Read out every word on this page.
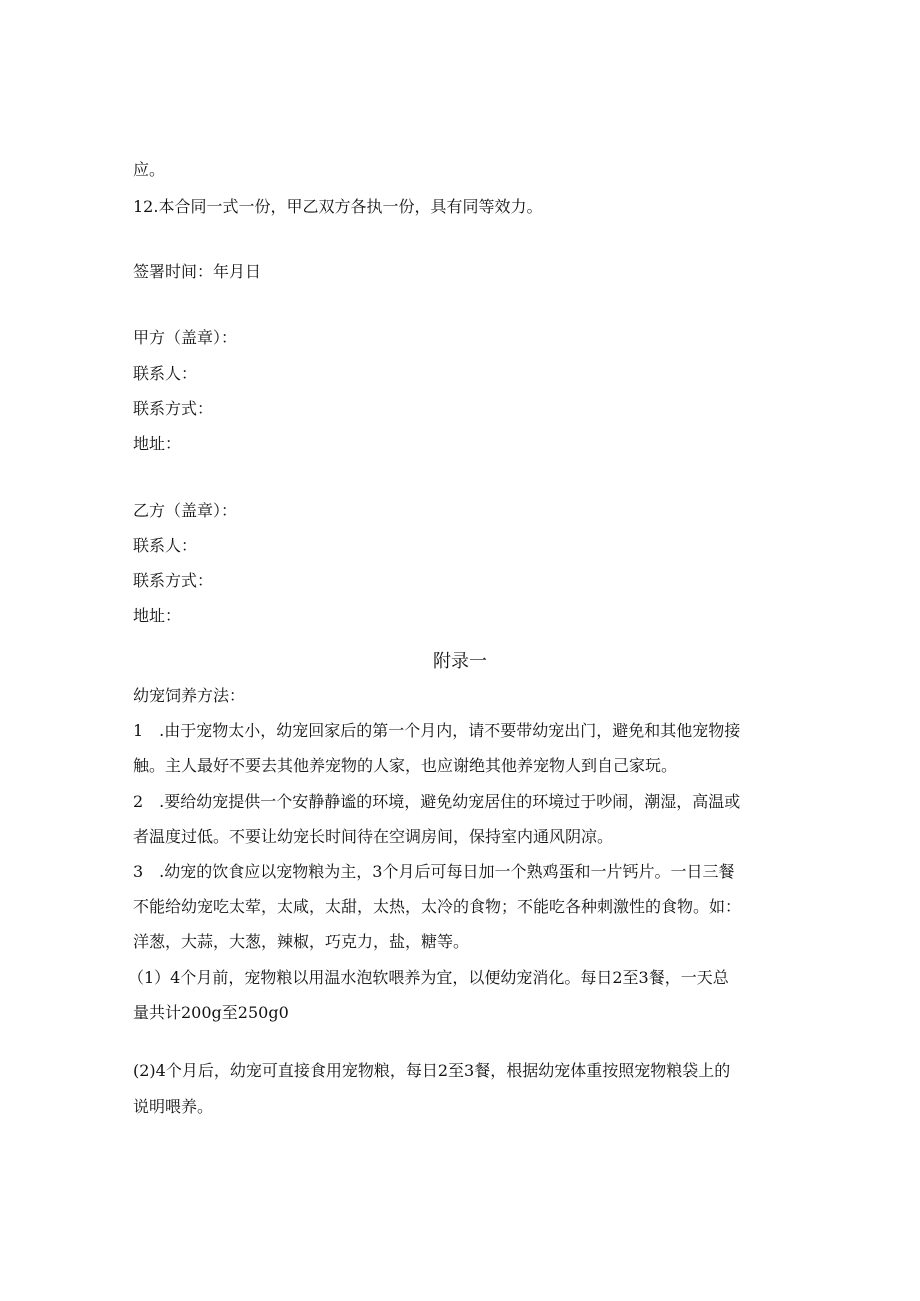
应。
12.本合同一式一份，甲乙双方各执一份，具有同等效力。
签署时间：年月日
甲方（盖章）：
联系人：
联系方式：
地址：
乙方（盖章）：
联系人：
联系方式：
地址：
附录一
幼宠饲养方法：
1　.由于宠物太小，幼宠回家后的第一个月内，请不要带幼宠出门，避免和其他宠物接
触。主人最好不要去其他养宠物的人家，也应谢绝其他养宠物人到自己家玩。
2　.要给幼宠提供一个安静静谧的环境，避免幼宠居住的环境过于吵闹，潮湿，高温或
者温度过低。不要让幼宠长时间待在空调房间，保持室内通风阴凉。
3　.幼宠的饮食应以宠物粮为主，3个月后可每日加一个熟鸡蛋和一片钙片。一日三餐
不能给幼宠吃太荤，太咸，太甜，太热，太冷的食物；不能吃各种刺激性的食物。如：
洋葱，大蒜，大葱，辣椒，巧克力，盐，糖等。
（1）4个月前，宠物粮以用温水泡软喂养为宜，以便幼宠消化。每日2至3餐，一天总
量共计200g至250g0
(2)4个月后，幼宠可直接食用宠物粮，每日2至3餐，根据幼宠体重按照宠物粮袋上的
说明喂养。
